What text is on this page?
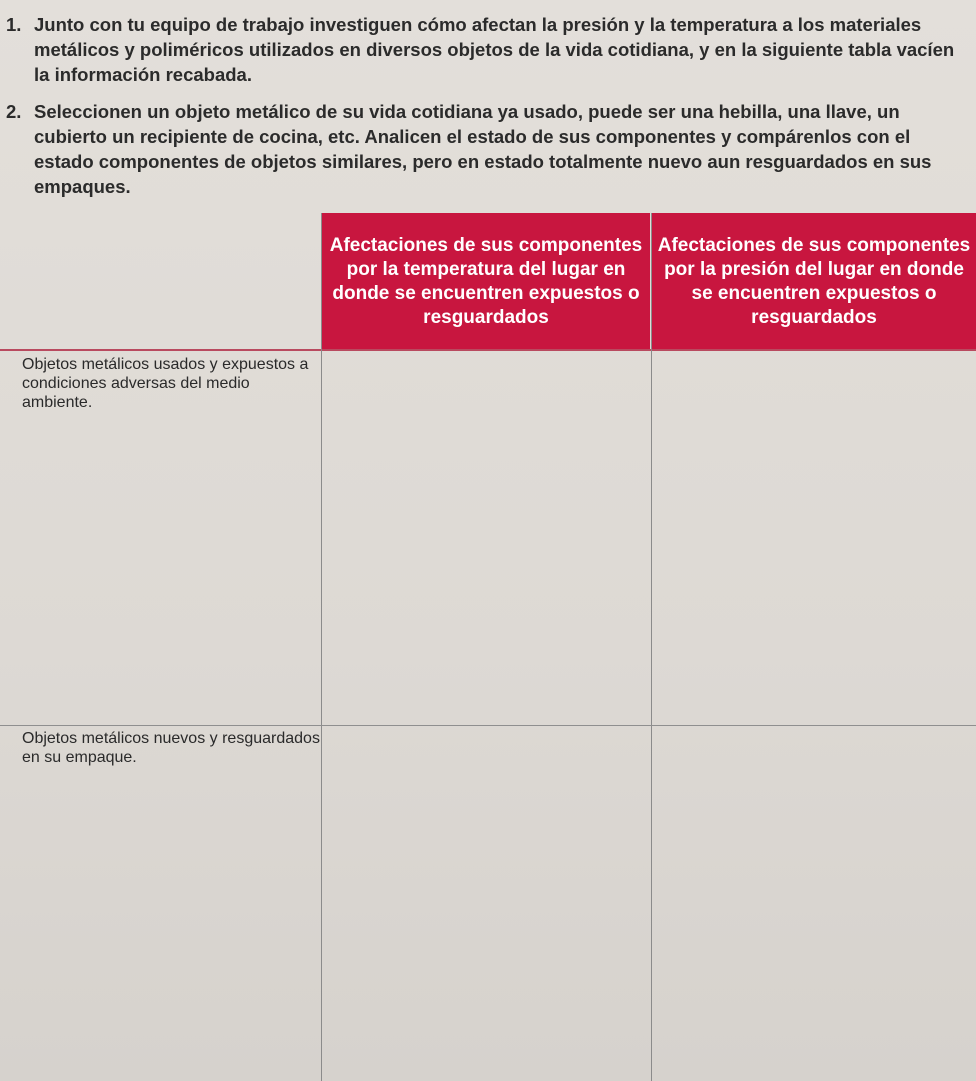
1. Junto con tu equipo de trabajo investiguen cómo afectan la presión y la temperatura a los materiales metálicos y poliméricos utilizados en diversos objetos de la vida cotidiana, y en la siguiente tabla vacíen la información recabada.
2. Seleccionen un objeto metálico de su vida cotidiana ya usado, puede ser una hebilla, una llave, un cubierto un recipiente de cocina, etc. Analicen el estado de sus componentes y compárenlos con el estado componentes de objetos similares, pero en estado totalmente nuevo aun resguardados en sus empaques.
Afectaciones de sus componentes por la temperatura del lugar en donde se encuentren expuestos o resguardados
Afectaciones de sus componentes por la presión del lugar en donde se encuentren expuestos o resguardados
Objetos metálicos usados y expuestos a condiciones adversas del medio ambiente.
Objetos metálicos nuevos y resguardados en su empaque.
